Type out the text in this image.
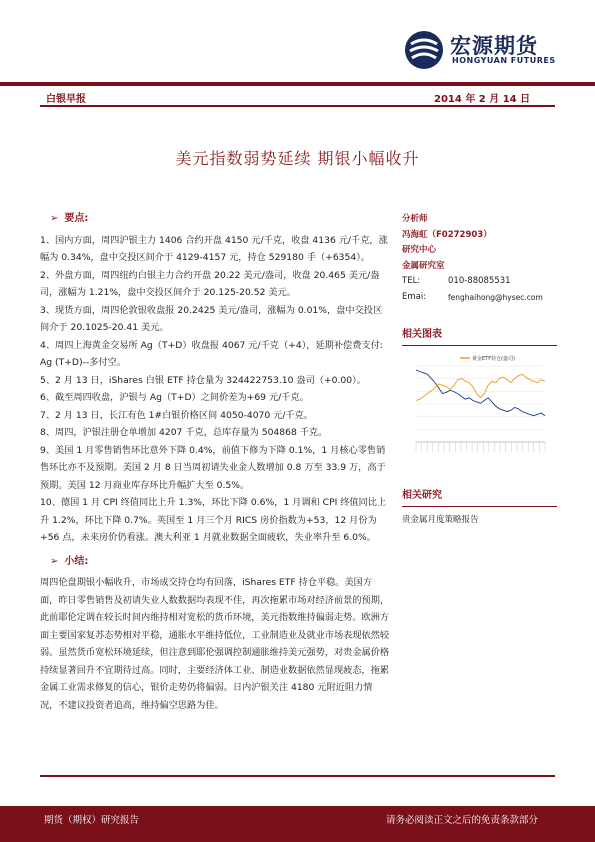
宏源期货
HONGYUAN FUTURES
白银早报	2014 年 2 月 14 日
美元指数弱势延续 期银小幅收升
➢ 要点:

1、国内方面，周四沪银主力 1406 合约开盘 4150 元/千克，收盘 4136 元/千克，涨幅为 0.34%，盘中交投区间介于 4129-4157 元，持仓 529180 手（+6354）。

2、外盘方面，周四纽约白银主力合约开盘 20.22 美元/盎司，收盘 20.465 美元/盎司，涨幅为 1.21%，盘中交投区间介于 20.125-20.52 美元。

3、现货方面，周四伦敦银收盘报 20.2425 美元/盎司，涨幅为 0.01%，盘中交投区间介于 20.1025-20.41 美元。

4、周四上海黄金交易所 Ag（T+D）收盘报 4067 元/千克（+4），延期补偿费支付: Ag (T+D)--多付空。

5、2 月 13 日，iShares 白银 ETF 持仓量为 324422753.10 盎司（+0.00）。

6、截至周四收盘，沪银与 Ag（T+D）之间价差为+69 元/千克。

7、2 月 13 日，长江有色 1#白银价格区间 4050-4070 元/千克。

8、周四，沪银注册仓单增加 4207 千克，总库存量为 504868 千克。

9、美国 1 月零售销售环比意外下降 0.4%，前值下修为下降 0.1%，1 月核心零售销售环比亦不及预期。美国 2 月 8 日当周初请失业金人数增加 0.8 万至 33.9 万，高于预期。美国 12 月商业库存环比升幅扩大至 0.5%。

10、德国 1 月 CPI 终值同比上升 1.3%，环比下降 0.6%，1 月调和 CPI 终值同比上升 1.2%，环比下降 0.7%。英国至 1 月三个月 RICS 房价指数为+53，12 月份为+56 点，未来房价仍看涨。澳大利亚 1 月就业数据全面疲软，失业率升至 6.0%。

➢ 小结:

周四伦盘期银小幅收升，市场成交持仓均有回落，iShares ETF 持仓平稳。美国方面，昨日零售销售及初请失业人数数据均表现不佳，再次拖累市场对经济前景的预期，此前耶伦定调在较长时间内维持相对宽松的货币环境，美元指数维持偏弱走势。欧洲方面主要国家复苏态势相对平稳，通胀水平维持低位，工业制造业及就业市场表现依然较弱。虽然货币宽松环境延续，但注意到耶伦强调控制通胀维持美元强势，对贵金属价格持续显著回升不宜期待过高。同时，主要经济体工业、制造业数据依然显现疲态，拖累金属工业需求修复的信心，银价走势仍将偏弱。日内沪银关注 4180 元附近阻力情况，不建议投资者追高，维持偏空思路为佳。

分析师
冯海虹（F0272903）
研究中心
金属研究室
TEL:	010-88085531
Emai:	fenghaihong@hysec.com
相关图表
黄金ETF持仓(盎司)
相关研究
贵金属月度策略报告
期货（期权）研究报告	请务必阅读正文之后的免责条款部分
